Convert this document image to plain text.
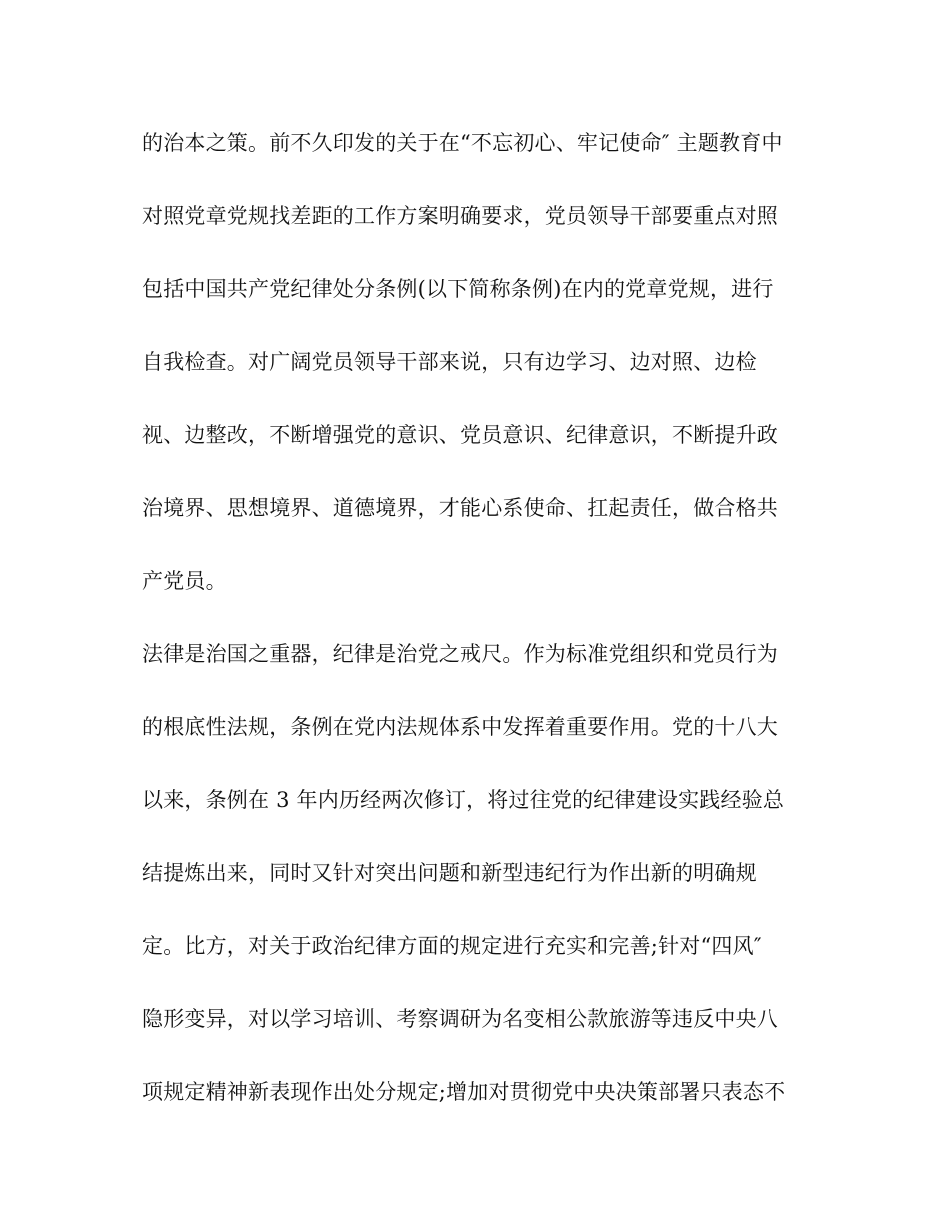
的治本之策。前不久印发的关于在“不忘初心、牢记使命″ 主题教育中
对照党章党规找差距的工作方案明确要求，党员领导干部要重点对照
包括中国共产党纪律处分条例(以下简称条例)在内的党章党规，进行
自我检查。对广阔党员领导干部来说，只有边学习、边对照、边检
视、边整改，不断增强党的意识、党员意识、纪律意识，不断提升政
治境界、思想境界、道德境界，才能心系使命、扛起责任，做合格共
产党员。
法律是治国之重器，纪律是治党之戒尺。作为标准党组织和党员行为
的根底性法规，条例在党内法规体系中发挥着重要作用。党的十八大
以来，条例在 3 年内历经两次修订，将过往党的纪律建设实践经验总
结提炼出来，同时又针对突出问题和新型违纪行为作出新的明确规
定。比方，对关于政治纪律方面的规定进行充实和完善;针对“四风″
隐形变异，对以学习培训、考察调研为名变相公款旅游等违反中央八
项规定精神新表现作出处分规定;增加对贯彻党中央决策部署只表态不
